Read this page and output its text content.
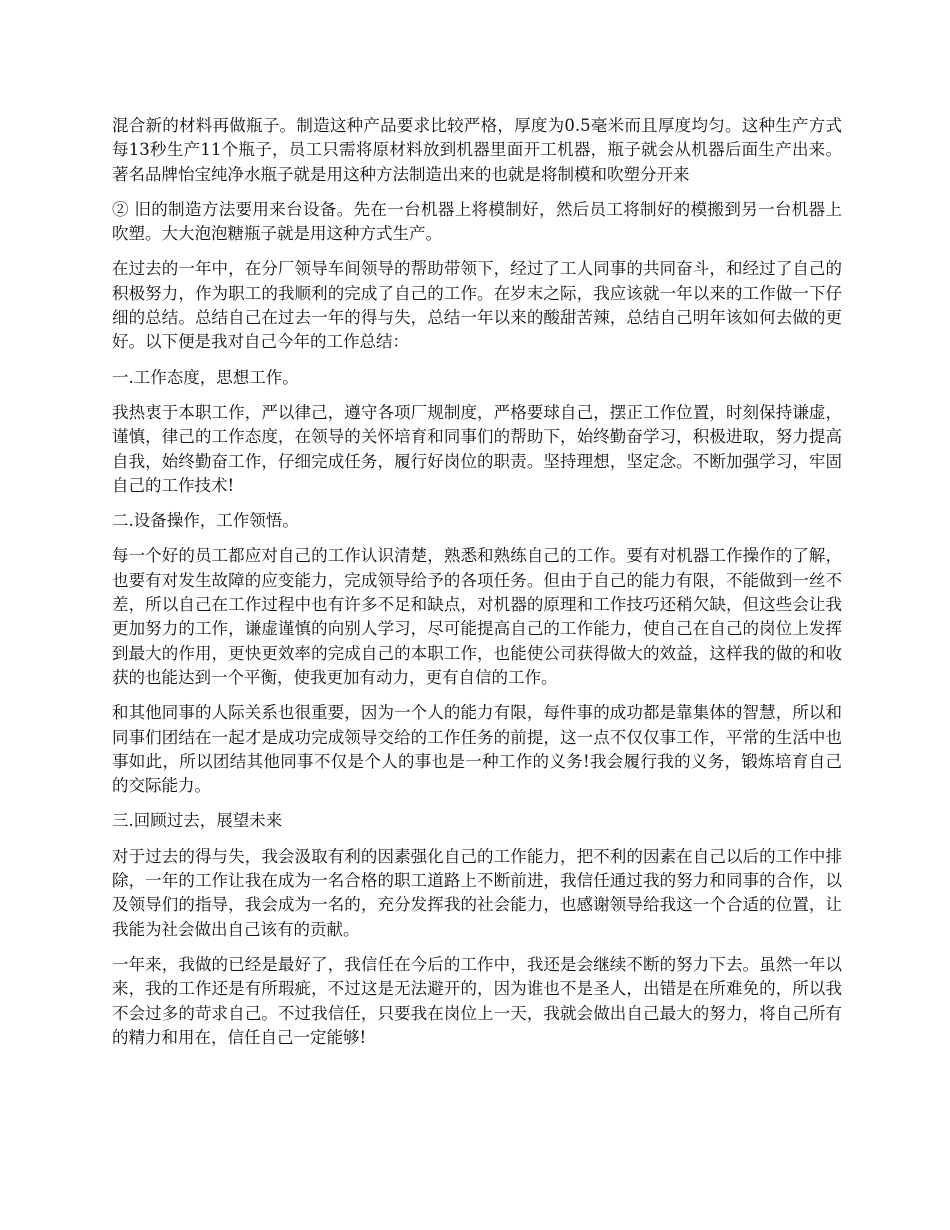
混合新的材料再做瓶子。制造这种产品要求比较严格，厚度为0.5毫米而且厚度均匀。这种生产方式每13秒生产11个瓶子，员工只需将原材料放到机器里面开工机器，瓶子就会从机器后面生产出来。著名品牌怡宝纯净水瓶子就是用这种方法制造出来的也就是将制模和吹塑分开来

② 旧的制造方法要用来台设备。先在一台机器上将模制好，然后员工将制好的模搬到另一台机器上吹塑。大大泡泡糖瓶子就是用这种方式生产。

在过去的一年中，在分厂领导车间领导的帮助带领下，经过了工人同事的共同奋斗，和经过了自己的积极努力，作为职工的我顺利的完成了自己的工作。在岁末之际，我应该就一年以来的工作做一下仔细的总结。总结自己在过去一年的得与失，总结一年以来的酸甜苦辣，总结自己明年该如何去做的更好。以下便是我对自己今年的工作总结：

一.工作态度，思想工作。

我热衷于本职工作，严以律己，遵守各项厂规制度，严格要球自己，摆正工作位置，时刻保持谦虚，谨慎，律己的工作态度，在领导的关怀培育和同事们的帮助下，始终勤奋学习，积极进取，努力提高自我，始终勤奋工作，仔细完成任务，履行好岗位的职责。坚持理想，坚定念。不断加强学习，牢固自己的工作技术!

二.设备操作，工作领悟。

每一个好的员工都应对自己的工作认识清楚，熟悉和熟练自己的工作。要有对机器工作操作的了解，也要有对发生故障的应变能力，完成领导给予的各项任务。但由于自己的能力有限，不能做到一丝不差，所以自己在工作过程中也有许多不足和缺点，对机器的原理和工作技巧还稍欠缺，但这些会让我更加努力的工作，谦虚谨慎的向别人学习，尽可能提高自己的工作能力，使自己在自己的岗位上发挥到最大的作用，更快更效率的完成自己的本职工作，也能使公司获得做大的效益，这样我的做的和收获的也能达到一个平衡，使我更加有动力，更有自信的工作。

和其他同事的人际关系也很重要，因为一个人的能力有限，每件事的成功都是靠集体的智慧，所以和同事们团结在一起才是成功完成领导交给的工作任务的前提，这一点不仅仅事工作，平常的生活中也事如此，所以团结其他同事不仅是个人的事也是一种工作的义务!我会履行我的义务，锻炼培育自己的交际能力。

三.回顾过去，展望未来

对于过去的得与失，我会汲取有利的因素强化自己的工作能力，把不利的因素在自己以后的工作中排除，一年的工作让我在成为一名合格的职工道路上不断前进，我信任通过我的努力和同事的合作，以及领导们的指导，我会成为一名的，充分发挥我的社会能力，也感谢领导给我这一个合适的位置，让我能为社会做出自己该有的贡献。

一年来，我做的已经是最好了，我信任在今后的工作中，我还是会继续不断的努力下去。虽然一年以来，我的工作还是有所瑕疵，不过这是无法避开的，因为谁也不是圣人，出错是在所难免的，所以我不会过多的苛求自己。不过我信任，只要我在岗位上一天，我就会做出自己最大的努力，将自己所有的精力和用在，信任自己一定能够!
